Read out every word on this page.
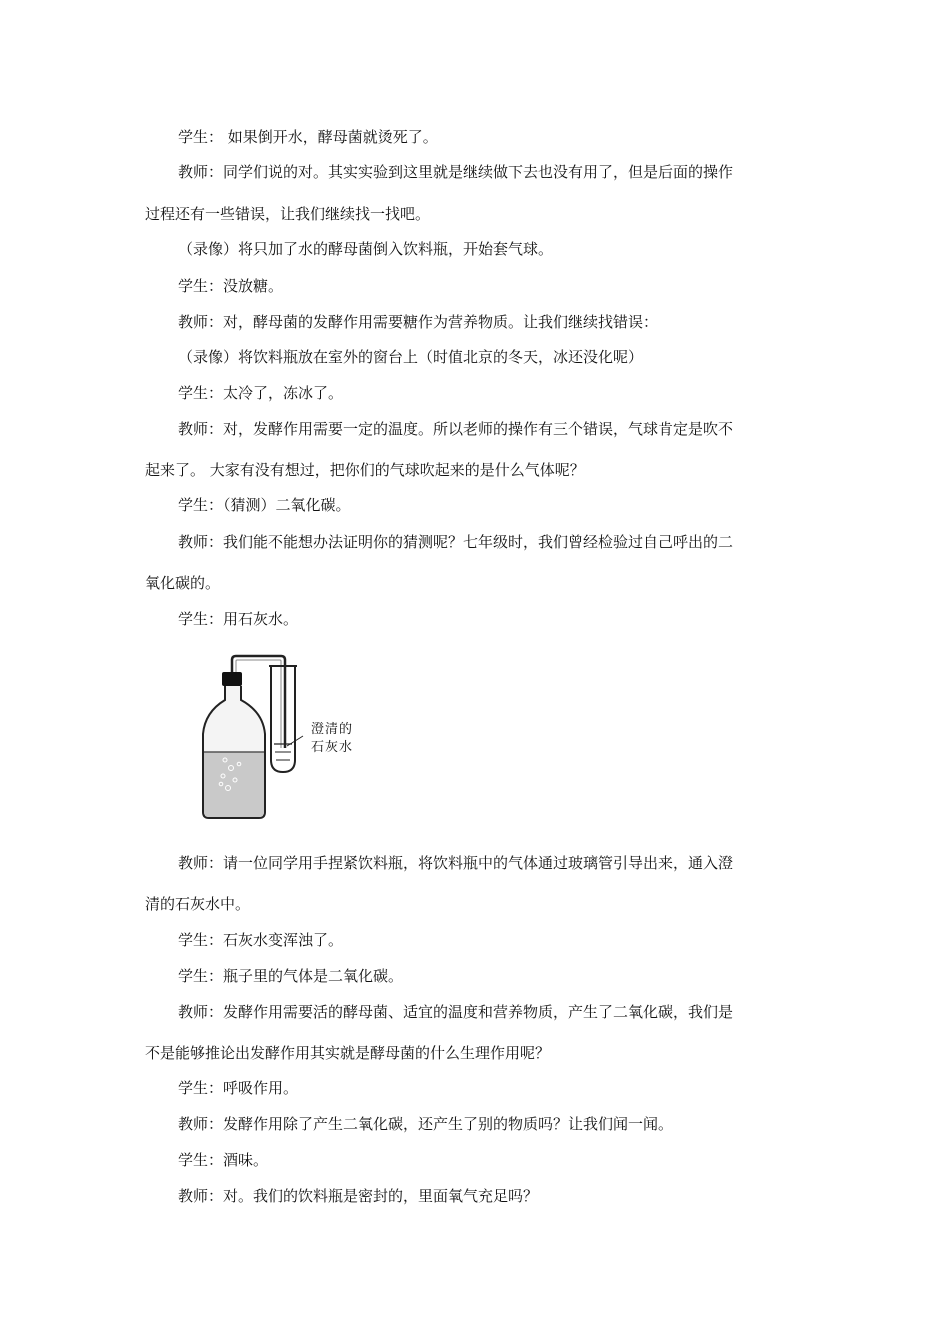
学生： 如果倒开水，酵母菌就烫死了。

教师：同学们说的对。其实实验到这里就是继续做下去也没有用了，但是后面的操作

过程还有一些错误，让我们继续找一找吧。

（录像）将只加了水的酵母菌倒入饮料瓶，开始套气球。

学生：没放糖。

教师：对，酵母菌的发酵作用需要糖作为营养物质。让我们继续找错误：

（录像）将饮料瓶放在室外的窗台上（时值北京的冬天，冰还没化呢）

学生：太冷了，冻冰了。

教师：对，发酵作用需要一定的温度。所以老师的操作有三个错误，气球肯定是吹不

起来了。 大家有没有想过，把你们的气球吹起来的是什么气体呢？

学生：（猜测）二氧化碳。

教师：我们能不能想办法证明你的猜测呢？七年级时，我们曾经检验过自己呼出的二

氧化碳的。

学生：用石灰水。

澄清的
石灰水

教师：请一位同学用手捏紧饮料瓶，将饮料瓶中的气体通过玻璃管引导出来，通入澄

清的石灰水中。

学生：石灰水变浑浊了。

学生：瓶子里的气体是二氧化碳。

教师：发酵作用需要活的酵母菌、适宜的温度和营养物质，产生了二氧化碳，我们是

不是能够推论出发酵作用其实就是酵母菌的什么生理作用呢？

学生：呼吸作用。

教师：发酵作用除了产生二氧化碳，还产生了别的物质吗？让我们闻一闻。

学生：酒味。

教师：对。我们的饮料瓶是密封的，里面氧气充足吗？
